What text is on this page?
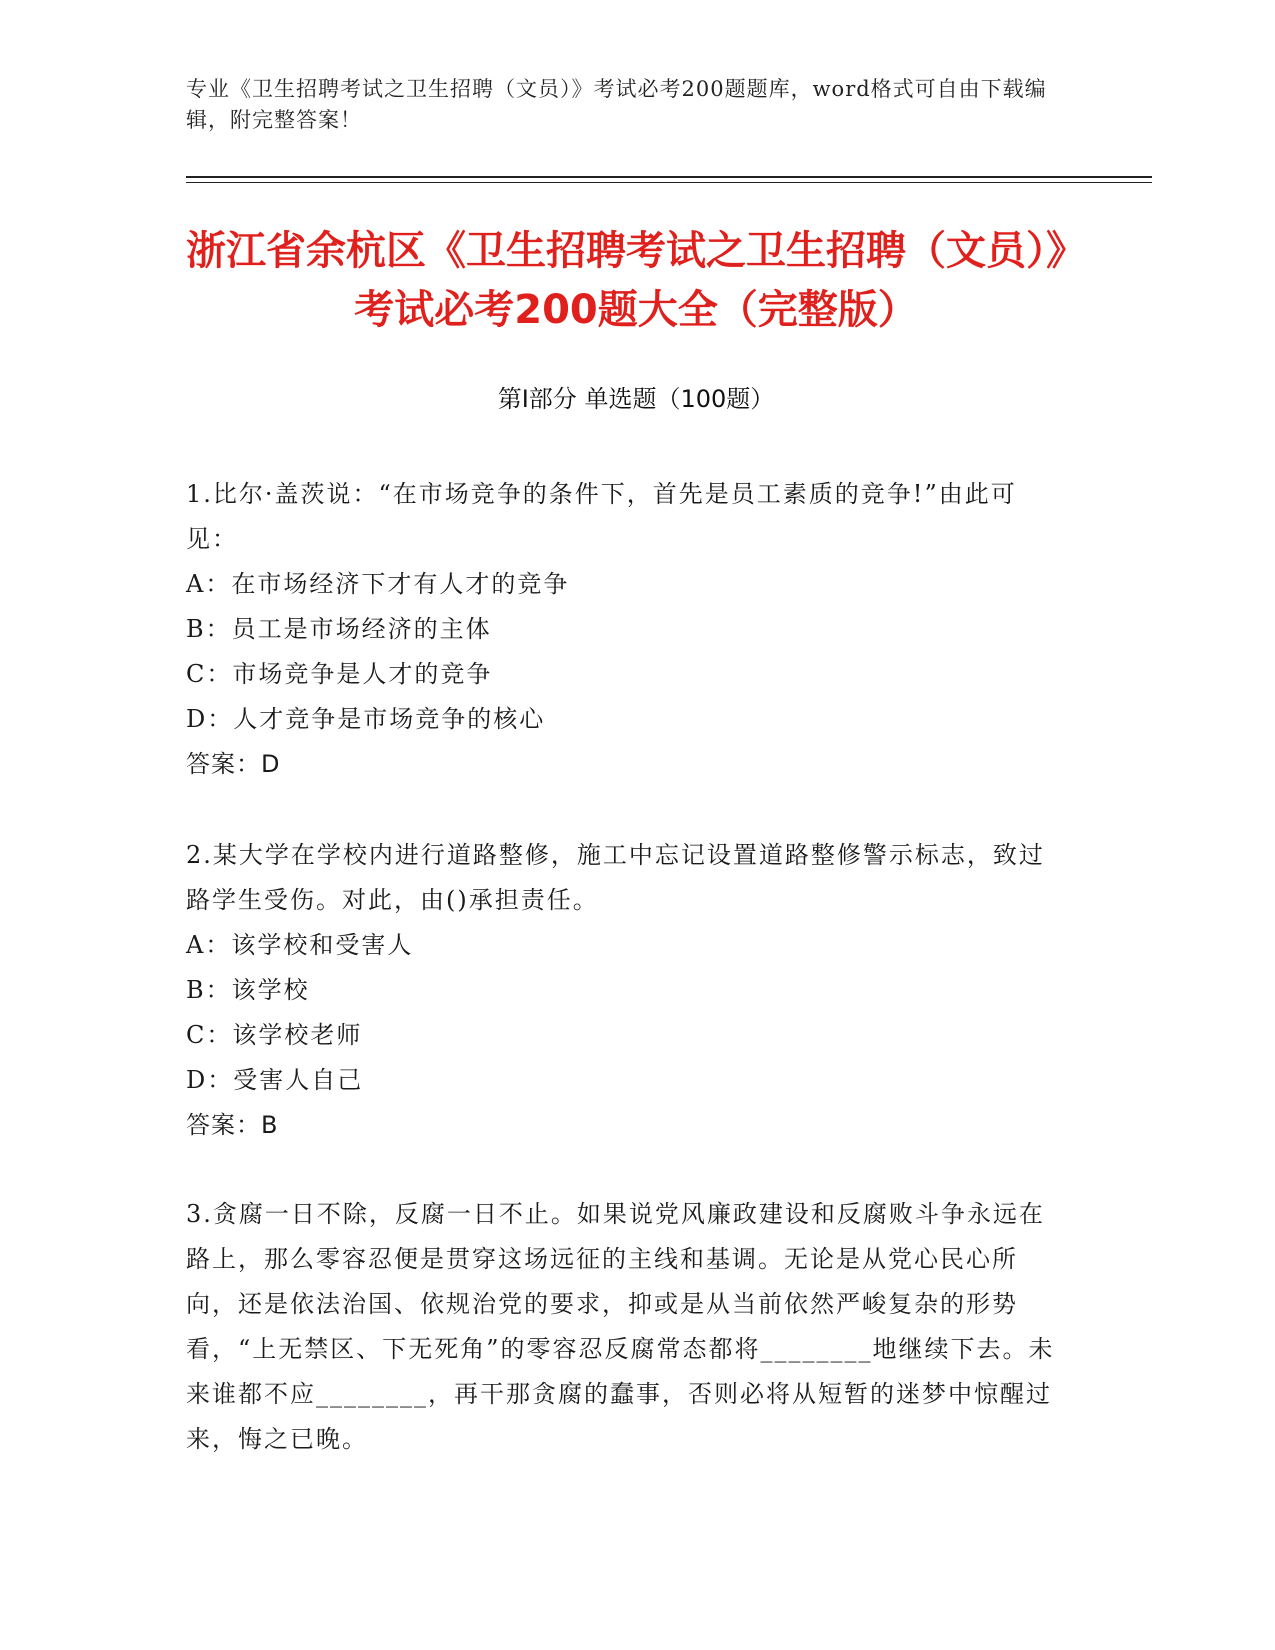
专业《卫生招聘考试之卫生招聘（文员）》考试必考200题题库，word格式可自由下载编辑，附完整答案！
浙江省余杭区《卫生招聘考试之卫生招聘（文员）》考试必考200题大全（完整版）
第I部分 单选题（100题）
1.比尔·盖茨说：“在市场竞争的条件下，首先是员工素质的竞争!”由此可见：
A：在市场经济下才有人才的竞争
B：员工是市场经济的主体
C：市场竞争是人才的竞争
D：人才竞争是市场竞争的核心
答案：D
2.某大学在学校内进行道路整修，施工中忘记设置道路整修警示标志，致过路学生受伤。对此，由()承担责任。
A：该学校和受害人
B：该学校
C：该学校老师
D：受害人自己
答案：B
3.贪腐一日不除，反腐一日不止。如果说党风廉政建设和反腐败斗争永远在路上，那么零容忍便是贯穿这场远征的主线和基调。无论是从党心民心所向，还是依法治国、依规治党的要求，抑或是从当前依然严峻复杂的形势看，“上无禁区、下无死角”的零容忍反腐常态都将________地继续下去。未来谁都不应________，再干那贪腐的蠢事，否则必将从短暂的迷梦中惊醒过来，悔之已晚。
